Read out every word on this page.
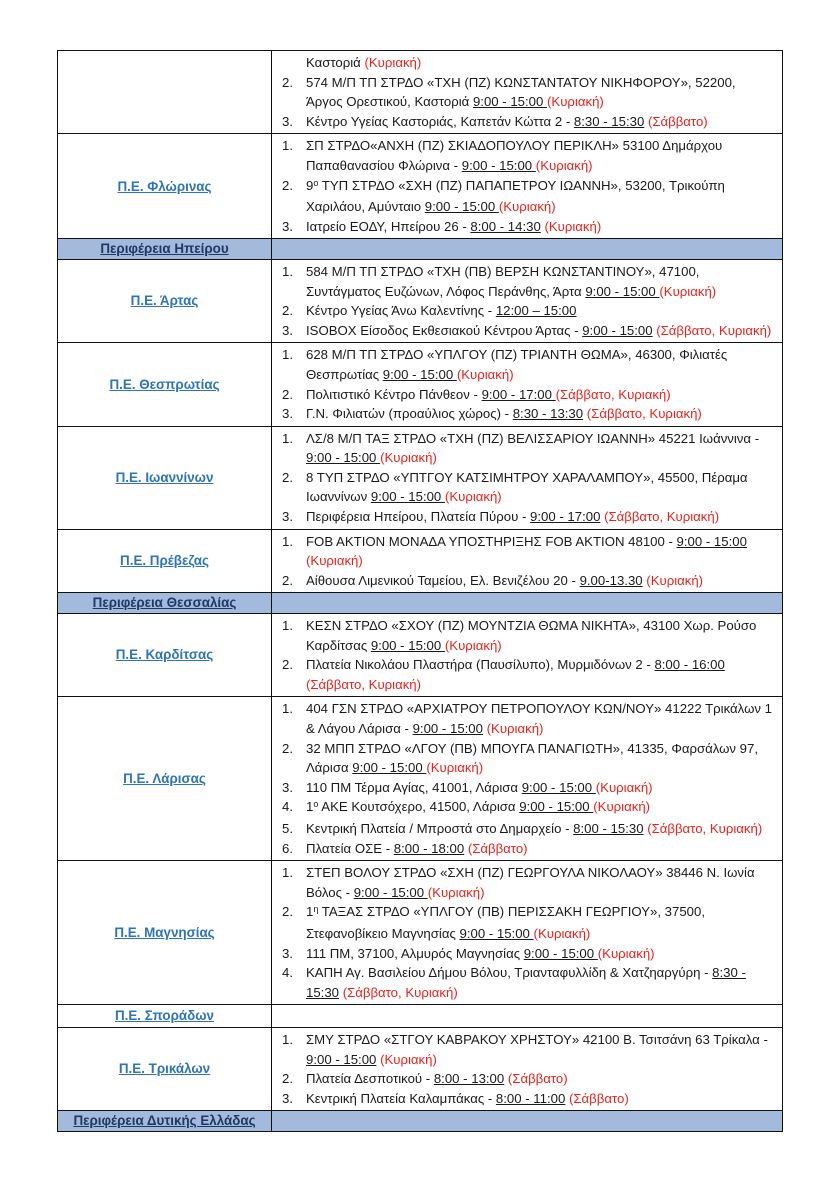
Καστοριά (Κυριακή)
2. 574 Μ/Π ΤΠ ΣΤΡΔΟ «ΤΧΗ (ΠΖ) ΚΩΝΣΤΑΝΤΑΤΟΥ ΝΙΚΗΦΟΡΟΥ», 52200, Άργος Ορεστικού, Καστοριά 9:00 - 15:00 (Κυριακή)
3. Κέντρο Υγείας Καστοριάς, Καπετάν Κώττα 2 - 8:30 - 15:30 (Σάββατο)
Π.Ε. Φλώρινας
1. ΣΠ ΣΤΡΔΟ«ΑΝΧΗ (ΠΖ) ΣΚΙΑΔΟΠΟΥΛΟΥ ΠΕΡΙΚΛΗ» 53100 Δημάρχου Παπαθανασίου Φλώρινα - 9:00 - 15:00 (Κυριακή)
2. $9^o$ ΤΥΠ ΣΤΡΔΟ «ΣΧΗ (ΠΖ) ΠΑΠΑΠΕΤΡΟΥ ΙΩΑΝΝΗ», 53200, Τρικούπη Χαριλάου, Αμύνταιο 9:00 - 15:00 (Κυριακή)
3. Ιατρείο ΕΟΔΥ, Ηπείρου 26 - 8:00 - 14:30 (Κυριακή)
Περιφέρεια Ηπείρου
Π.Ε. Άρτας
1. 584 Μ/Π ΤΠ ΣΤΡΔΟ «ΤΧΗ (ΠΒ) ΒΕΡΣΗ ΚΩΝΣΤΑΝΤΙΝΟΥ», 47100, Συντάγματος Ευζώνων, Λόφος Περάνθης, Άρτα 9:00 - 15:00 (Κυριακή)
2. Κέντρο Υγείας Άνω Καλεντίνης - 12:00 – 15:00
3. ISOBOX Είσοδος Εκθεσιακού Κέντρου Άρτας - 9:00 - 15:00 (Σάββατο, Κυριακή)
Π.Ε. Θεσπρωτίας
1. 628 Μ/Π ΤΠ ΣΤΡΔΟ «ΥΠΛΓΟΥ (ΠΖ) ΤΡΙΑΝΤΗ ΘΩΜΑ», 46300, Φιλιατές Θεσπρωτίας 9:00 - 15:00 (Κυριακή)
2. Πολιτιστικό Κέντρο Πάνθεον - 9:00 - 17:00 (Σάββατο, Κυριακή)
3. Γ.Ν. Φιλιατών (προαύλιος χώρος) - 8:30 - 13:30 (Σάββατο, Κυριακή)
Π.Ε. Ιωαννίνων
1. ΛΣ/8 Μ/Π ΤΑΞ ΣΤΡΔΟ «ΤΧΗ (ΠΖ) ΒΕΛΙΣΣΑΡΙΟΥ ΙΩΑΝΝΗ» 45221 Ιωάννινα - 9:00 - 15:00 (Κυριακή)
2. 8 ΤΥΠ ΣΤΡΔΟ «ΥΠΤΓΟΥ ΚΑΤΣΙΜΗΤΡΟΥ ΧΑΡΑΛΑΜΠΟΥ», 45500, Πέραμα Ιωαννίνων 9:00 - 15:00 (Κυριακή)
3. Περιφέρεια Ηπείρου, Πλατεία Πύρου - 9:00 - 17:00 (Σάββατο, Κυριακή)
Π.Ε. Πρέβεζας
1. FOB AKTION ΜΟΝΑΔΑ ΥΠΟΣΤΗΡΙΞΗΣ FOB AKTION 48100 - 9:00 - 15:00 (Κυριακή)
2. Αίθουσα Λιμενικού Ταμείου, Ελ. Βενιζέλου 20 - 9.00-13.30 (Κυριακή)
Περιφέρεια Θεσσαλίας
Π.Ε. Καρδίτσας
1. ΚΕΣΝ ΣΤΡΔΟ «ΣΧΟΥ (ΠΖ) ΜΟΥΝΤΖΙΑ ΘΩΜΑ ΝΙΚΗΤΑ», 43100 Χωρ. Ρούσο Καρδίτσας 9:00 - 15:00 (Κυριακή)
2. Πλατεία Νικολάου Πλαστήρα (Παυσίλυπο), Μυρμιδόνων 2 - 8:00 - 16:00 (Σάββατο, Κυριακή)
Π.Ε. Λάρισας
1. 404 ΓΣΝ ΣΤΡΔΟ «ΑΡΧΙΑΤΡΟΥ ΠΕΤΡΟΠΟΥΛΟΥ ΚΩΝ/ΝΟΥ» 41222 Τρικάλων 1 & Λάγου Λάρισα - 9:00 - 15:00 (Κυριακή)
2. 32 ΜΠΠ ΣΤΡΔΟ «ΛΓΟΥ (ΠΒ) ΜΠΟΥΓΑ ΠΑΝΑΓΙΩΤΗ», 41335, Φαρσάλων 97, Λάρισα 9:00 - 15:00 (Κυριακή)
3. 110 ΠΜ Τέρμα Αγίας, 41001, Λάρισα 9:00 - 15:00 (Κυριακή)
4. $1^o$ ΑΚΕ Κουτσόχερο, 41500, Λάρισα 9:00 - 15:00 (Κυριακή)
5. Κεντρική Πλατεία / Μπροστά στο Δημαρχείο - 8:00 - 15:30 (Σάββατο, Κυριακή)
6. Πλατεία ΟΣΕ - 8:00 - 18:00 (Σάββατο)
Π.Ε. Μαγνησίας
1. ΣΤΕΠ ΒΟΛΟΥ ΣΤΡΔΟ «ΣΧΗ (ΠΖ) ΓΕΩΡΓΟΥΛΑ ΝΙΚΟΛΑΟΥ» 38446 Ν. Ιωνία Βόλος - 9:00 - 15:00 (Κυριακή)
2. $1^\eta$ ΤΑΞΑΣ ΣΤΡΔΟ «ΥΠΛΓΟΥ (ΠΒ) ΠΕΡΙΣΣΑΚΗ ΓΕΩΡΓΙΟΥ», 37500, Στεφανοβίκειο Μαγνησίας 9:00 - 15:00 (Κυριακή)
3. 111 ΠΜ, 37100, Αλμυρός Μαγνησίας 9:00 - 15:00 (Κυριακή)
4. ΚΑΠΗ Αγ. Βασιλείου Δήμου Βόλου, Τριανταφυλλίδη & Χατζηαργύρη - 8:30 - 15:30 (Σάββατο, Κυριακή)
Π.Ε. Σποράδων
Π.Ε. Τρικάλων
1. ΣΜΥ ΣΤΡΔΟ «ΣΤΓΟΥ ΚΑΒΡΑΚΟΥ ΧΡΗΣΤΟΥ» 42100 Β. Τσιτσάνη 63 Τρίκαλα - 9:00 - 15:00 (Κυριακή)
2. Πλατεία Δεσποτικού - 8:00 - 13:00 (Σάββατο)
3. Κεντρική Πλατεία Καλαμπάκας - 8:00 - 11:00 (Σάββατο)
Περιφέρεια Δυτικής Ελλάδας
